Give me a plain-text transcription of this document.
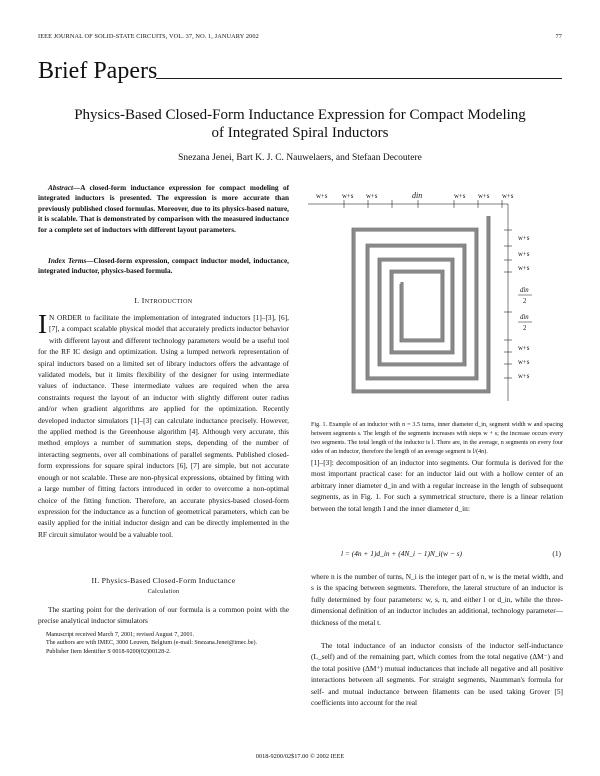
IEEE JOURNAL OF SOLID-STATE CIRCUITS, VOL. 37, NO. 1, JANUARY 2002	77
Brief Papers
Physics-Based Closed-Form Inductance Expression for Compact Modeling
of Integrated Spiral Inductors
Snezana Jenei, Bart K. J. C. Nauwelaers, and Stefaan Decoutere
Abstract—A closed-form inductance expression for compact modeling of integrated inductors is presented. The expression is more accurate than previously published closed formulas. Moreover, due to its physics-based nature, it is scalable. That is demonstrated by comparison with the measured inductance for a complete set of inductors with different layout parameters.
Index Terms—Closed-form expression, compact inductor model, inductance, integrated inductor, physics-based formula.
I. INTRODUCTION

I N ORDER to facilitate the implementation of integrated inductors [1]–[3], [6], [7], a compact scalable physical model that accurately predicts inductor behavior with different layout and different technology parameters would be a useful tool for the RF IC design and optimization. Using a lumped network representation of spiral inductors based on a limited set of library inductors offers the advantage of validated models, but it limits flexibility of the designer for using intermediate values of inductance. These intermediate values are required when the area constraints request the layout of an inductor with slightly different outer radius and/or when gradient algorithms are applied for the optimization. Recently developed inductor simulators [1]–[3] can calculate inductance precisely. However, the applied method is the Greenhouse algorithm [4]. Although very accurate, this method employs a number of summation steps, depending of the number of interacting segments, over all combinations of parallel segments. Published closed-form expressions for square spiral inductors [6], [7] are simple, but not accurate enough or not scalable. These are non-physical expressions, obtained by fitting with a large number of fitting factors introduced in order to overcome a non-optimal choice of the fitting function. Therefore, an accurate physics-based closed-form expression for the inductance as a function of geometrical parameters, which can be easily applied for the initial inductor design and can be directly implemented in the RF circuit simulator would be a valuable tool.

II. Physics-Based Closed-Form Inductance
Calculation
The starting point for the derivation of our formula is a common point with the precise analytical inductor simulators
Manuscript received March 7, 2001; revised August 7, 2001.
The authors are with IMEC, 3000 Leuven, Belgium (e-mail: Snezana.Jenei@imec.be).
Publisher Item Identifier S 0018-9200(02)00128-2.
w+s w+s w+s	din	w+s w+s w+s
w+s
w+s
w+s
din
2
din
2
w+s
w+s
w+s
Fig. 1. Example of an inductor with n = 3.5 turns, inner diameter d_in, segment width w and spacing between segments s. The length of the segments increases with steps w + s; the increase occurs every two segments. The total length of the inductor is l. There are, in the average, n segments on every four sides of an inductor, therefore the length of an average segment is l/(4n).
[1]–[3]: decomposition of an inductor into segments. Our formula is derived for the most important practical case: for an inductor laid out with a hollow center of an arbitrary inner diameter d_in and with a regular increase in the length of subsequent segments, as in Fig. 1. For such a symmetrical structure, there is a linear relation between the total length l and the inner diameter d_in:
l = (4n + 1)d_in + (4N_i − 1)N_i(w − s)	(1)
where n is the number of turns, N_i is the integer part of n, w is the metal width, and s is the spacing between segments. Therefore, the lateral structure of an inductor is fully determined by four parameters: w, s, n, and either l or d_in, while the three-dimensional definition of an inductor includes an additional, technology parameter—thickness of the metal t.
The total inductance of an inductor consists of the inductor self-inductance (L_self) and of the remaining part, which comes from the total negative (ΔM⁻) and the total positive (ΔM⁺) mutual inductances that include all negative and all positive interactions between all segments. For straight segments, Naumman's formula for self- and mutual inductance between filaments can be used taking Grover [5] coefficients into account for the real
0018-9200/02$17.00 © 2002 IEEE
